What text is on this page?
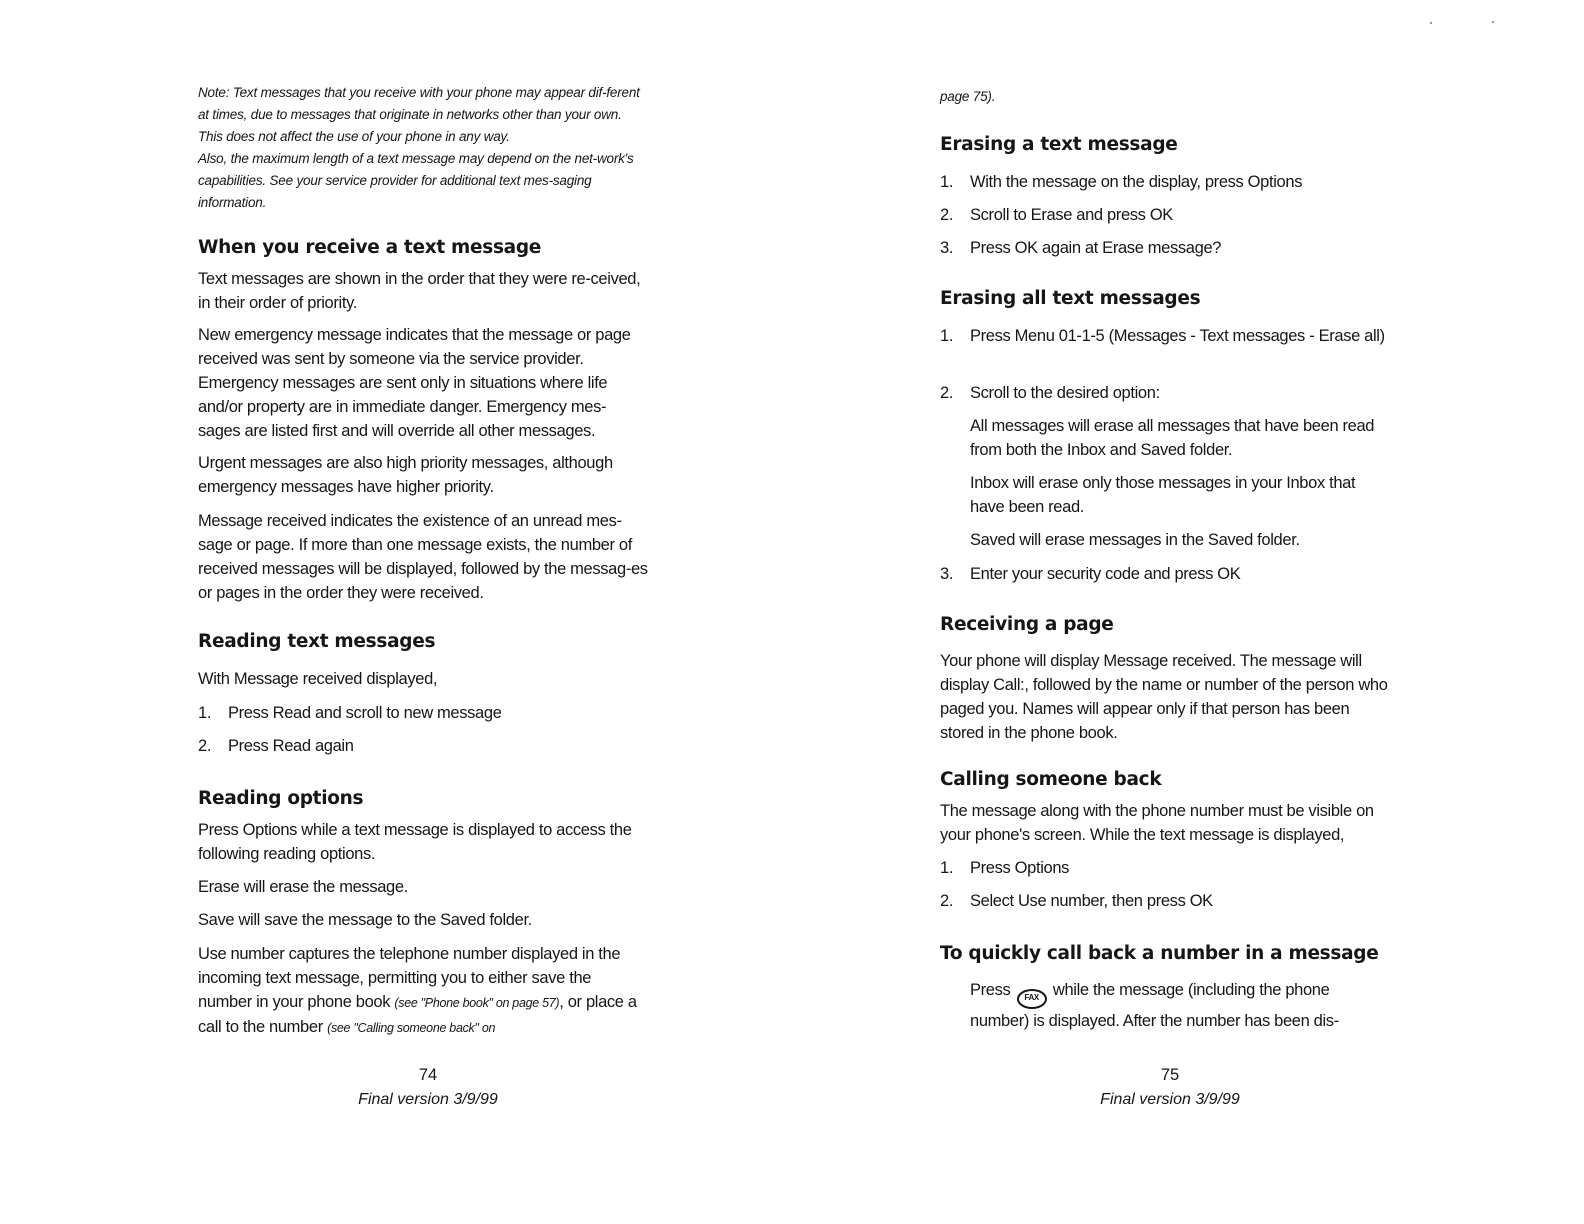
Note: Text messages that you receive with your phone may appear dif-ferent at times, due to messages that originate in networks other than your own. This does not affect the use of your phone in any way.

Also, the maximum length of a text message may depend on the net-work's capabilities. See your service provider for additional text mes-saging information.

When you receive a text message

Text messages are shown in the order that they were re-ceived, in their order of priority.

New emergency message indicates that the message or page received was sent by someone via the service provider. Emergency messages are sent only in situations where life and/or property are in immediate danger. Emergency mes-sages are listed first and will override all other messages.

Urgent messages are also high priority messages, although emergency messages have higher priority.

Message received indicates the existence of an unread mes-sage or page. If more than one message exists, the number of received messages will be displayed, followed by the messag-es or pages in the order they were received.

Reading text messages

With Message received displayed,

1. Press Read and scroll to new message
2. Press Read again
Reading options

Press Options while a text message is displayed to access the following reading options.

Erase will erase the message.

Save will save the message to the Saved folder.

Use number captures the telephone number displayed in the incoming text message, permitting you to either save the number in your phone book (see "Phone book" on page 57), or place a call to the number (see "Calling someone back" on

74
Final version 3/9/99

page 75).

Erasing a text message
1. With the message on the display, press Options
2. Scroll to Erase and press OK
3. Press OK again at Erase message?
Erasing all text messages
1. Press Menu 01-1-5 (Messages - Text messages - Erase all)
2. Scroll to the desired option:

All messages will erase all messages that have been read from both the Inbox and Saved folder.

Inbox will erase only those messages in your Inbox that have been read.

Saved will erase messages in the Saved folder.

3. Enter your security code and press OK
Receiving a page

Your phone will display Message received. The message will display Call:, followed by the name or number of the person who paged you. Names will appear only if that person has been stored in the phone book.

Calling someone back

The message along with the phone number must be visible on your phone's screen. While the text message is displayed,

1. Press Options
2. Select Use number, then press OK
To quickly call back a number in a message

Press FAX while the message (including the phone number) is displayed. After the number has been dis-

75
Final version 3/9/99
